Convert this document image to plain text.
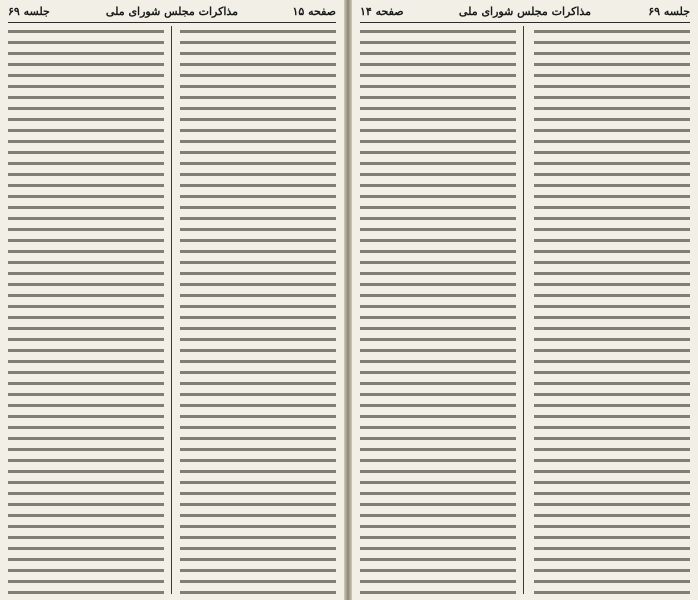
صفحه ۱۵
مذاکرات مجلس شورای ملی
جلسه ۶۹	صفحه ۱۴	مذاکرات مجلس شورای ملی	جلسه ۶۹
